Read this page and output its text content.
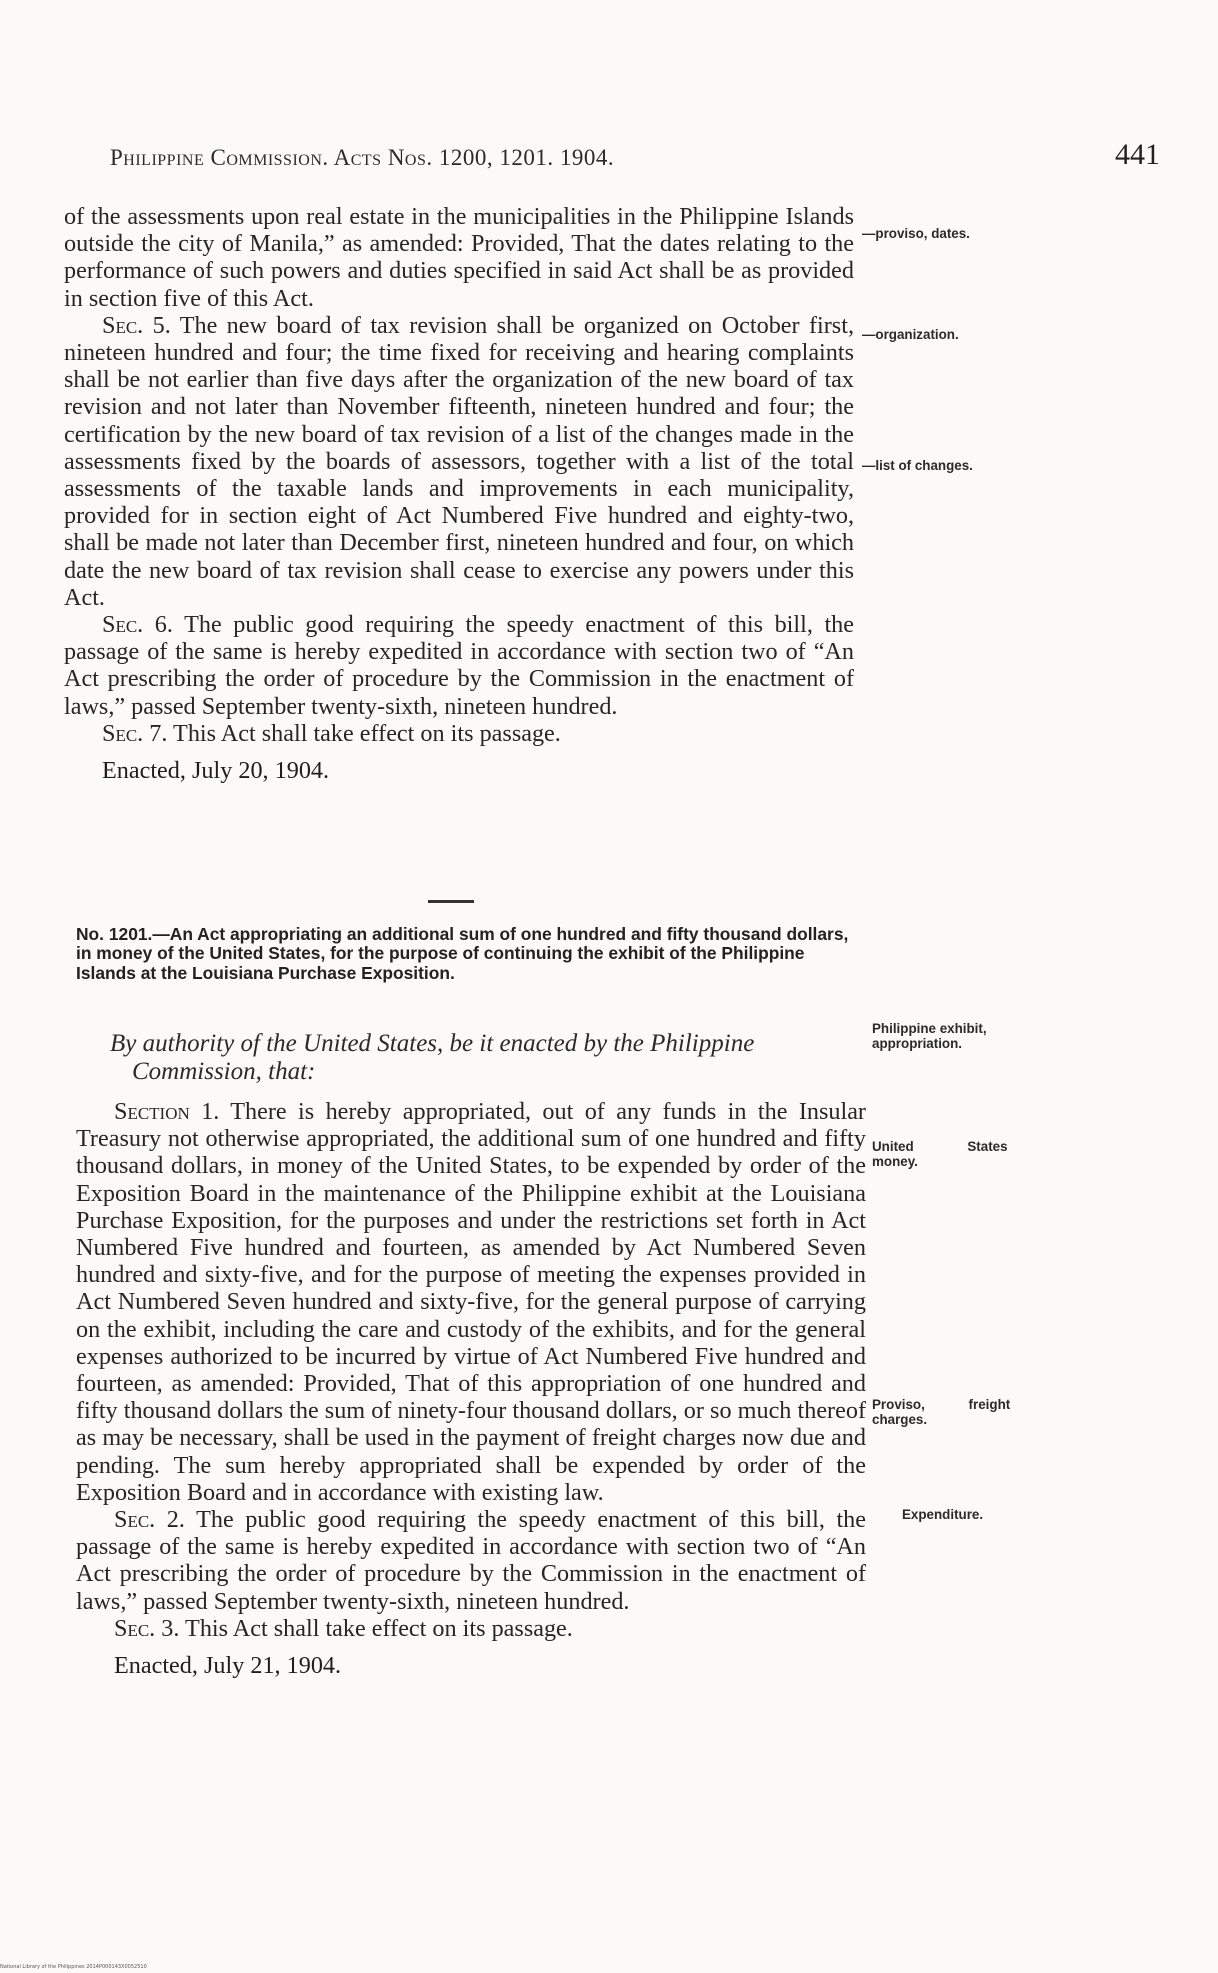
Philippine Commission. Acts Nos. 1200, 1201. 1904.	441

of the assessments upon real estate in the municipalities in the Philippine Islands outside the city of Manila,” as amended: Provided, That the dates relating to the performance of such powers and duties specified in said Act shall be as provided in section five of this Act.

Sec. 5. The new board of tax revision shall be organized on October first, nineteen hundred and four; the time fixed for receiving and hearing complaints shall be not earlier than five days after the organization of the new board of tax revision and not later than November fifteenth, nineteen hundred and four; the certification by the new board of tax revision of a list of the changes made in the assessments fixed by the boards of assessors, together with a list of the total assessments of the taxable lands and improvements in each municipality, provided for in section eight of Act Numbered Five hundred and eighty-two, shall be made not later than December first, nineteen hundred and four, on which date the new board of tax revision shall cease to exercise any powers under this Act.

Sec. 6. The public good requiring the speedy enactment of this bill, the passage of the same is hereby expedited in accordance with section two of “An Act prescribing the order of procedure by the Commission in the enactment of laws,” passed September twenty-sixth, nineteen hundred.

Sec. 7. This Act shall take effect on its passage.

Enacted, July 20, 1904.

No. 1201.—An Act appropriating an additional sum of one hundred and fifty thousand dollars, in money of the United States, for the purpose of continuing the exhibit of the Philippine Islands at the Louisiana Purchase Exposition.
By authority of the United States, be it enacted by the Philippine
Commission, that:

Section 1. There is hereby appropriated, out of any funds in the Insular Treasury not otherwise appropriated, the additional sum of one hundred and fifty thousand dollars, in money of the United States, to be expended by order of the Exposition Board in the maintenance of the Philippine exhibit at the Louisiana Purchase Exposition, for the purposes and under the restrictions set forth in Act Numbered Five hundred and fourteen, as amended by Act Numbered Seven hundred and sixty-five, and for the purpose of meeting the expenses provided in Act Numbered Seven hundred and sixty-five, for the general purpose of carrying on the exhibit, including the care and custody of the exhibits, and for the general expenses authorized to be incurred by virtue of Act Numbered Five hundred and fourteen, as amended: Provided, That of this appropriation of one hundred and fifty thousand dollars the sum of ninety-four thousand dollars, or so much thereof as may be necessary, shall be used in the payment of freight charges now due and pending. The sum hereby appropriated shall be expended by order of the Exposition Board and in accordance with existing law.

Sec. 2. The public good requiring the speedy enactment of this bill, the passage of the same is hereby expedited in accordance with section two of “An Act prescribing the order of procedure by the Commission in the enactment of laws,” passed September twenty-sixth, nineteen hundred.

Sec. 3. This Act shall take effect on its passage.

Enacted, July 21, 1904.

—proviso, dates.
—organization.
—list of changes.
Philippine exhibit, appropriation.
United States money.
Proviso, freight charges.
Expenditure.
National Library of the Philippines 2014P000143X0052510
